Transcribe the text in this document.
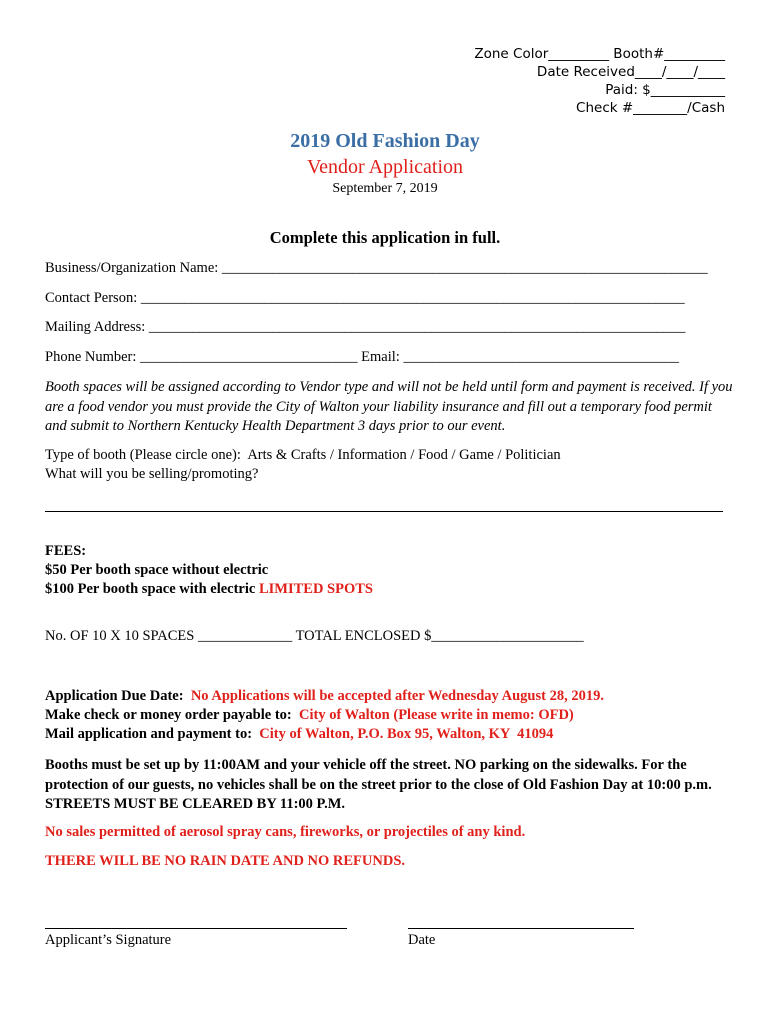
Zone Color_________ Booth#_________
Date Received____/____/____
Paid: $___________
Check #________/Cash
2019 Old Fashion Day
Vendor Application
September 7, 2019
Complete this application in full.
Business/Organization Name: ___________________________________________________________________
Contact Person: ___________________________________________________________________________
Mailing Address: __________________________________________________________________________
Phone Number: ______________________________ Email: ______________________________________
Booth spaces will be assigned according to Vendor type and will not be held until form and payment is received. If you are a food vendor you must provide the City of Walton your liability insurance and fill out a temporary food permit and submit to Northern Kentucky Health Department 3 days prior to our event.
Type of booth (Please circle one):  Arts & Crafts / Information / Food / Game / Politician
What will you be selling/promoting?
FEES:
$50 Per booth space without electric
$100 Per booth space with electric LIMITED SPOTS
No. OF 10 X 10 SPACES _____________ TOTAL ENCLOSED $_____________________
Application Due Date:  No Applications will be accepted after Wednesday August 28, 2019.
Make check or money order payable to:  City of Walton (Please write in memo: OFD)
Mail application and payment to:  City of Walton, P.O. Box 95, Walton, KY  41094
Booths must be set up by 11:00AM and your vehicle off the street. NO parking on the sidewalks. For the protection of our guests, no vehicles shall be on the street prior to the close of Old Fashion Day at 10:00 p.m. STREETS MUST BE CLEARED BY 11:00 P.M.
No sales permitted of aerosol spray cans, fireworks, or projectiles of any kind.
THERE WILL BE NO RAIN DATE AND NO REFUNDS.
Applicant’s Signature	Date
